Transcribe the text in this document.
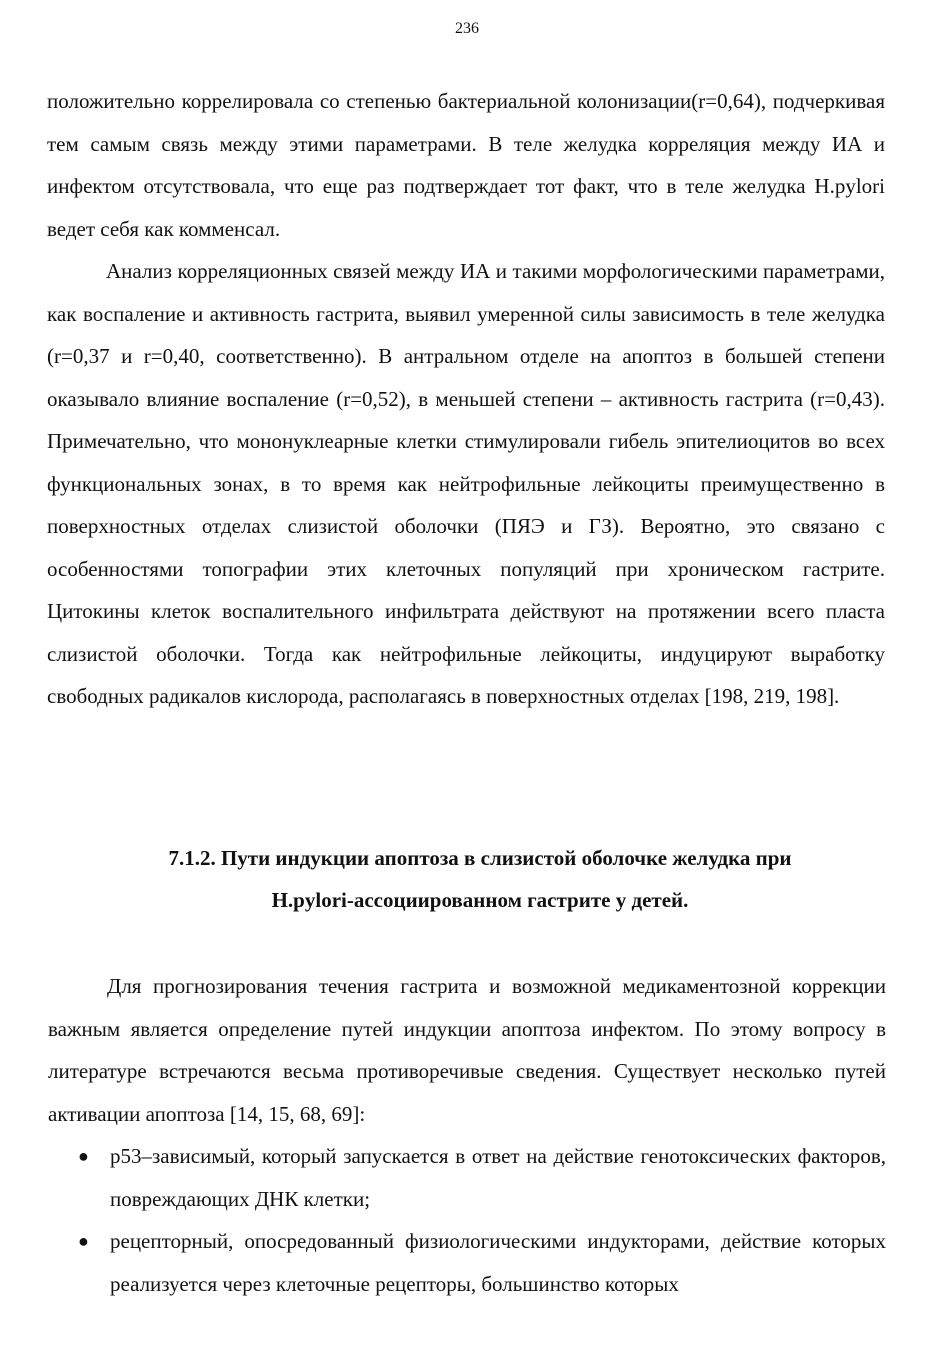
236

положительно коррелировала со степенью бактериальной колонизации(r=0,64), подчеркивая тем самым связь между этими параметрами. В теле желудка корреляция между ИА и инфектом отсутствовала, что еще раз подтверждает тот факт, что в теле желудка H.pylori ведет себя как комменсал.

Анализ корреляционных связей между ИА и такими морфологическими параметрами, как воспаление и активность гастрита, выявил умеренной силы зависимость в теле желудка (r=0,37 и r=0,40, соответственно). В антральном отделе на апоптоз в большей степени оказывало влияние воспаление (r=0,52), в меньшей степени – активность гастрита (r=0,43). Примечательно, что мононуклеарные клетки стимулировали гибель эпителиоцитов во всех функциональных зонах, в то время как нейтрофильные лейкоциты преимущественно в поверхностных отделах слизистой оболочки (ПЯЭ и ГЗ). Вероятно, это связано с особенностями топографии этих клеточных популяций при хроническом гастрите. Цитокины клеток воспалительного инфильтрата действуют на протяжении всего пласта слизистой оболочки. Тогда как нейтрофильные лейкоциты, индуцируют выработку свободных радикалов кислорода, располагаясь в поверхностных отделах [198, 219, 198].

7.1.2. Пути индукции апоптоза в слизистой оболочке желудка при
H.pylori-ассоциированном гастрите у детей.

Для прогнозирования течения гастрита и возможной медикаментозной коррекции важным является определение путей индукции апоптоза инфектом. По этому вопросу в литературе встречаются весьма противоречивые сведения. Существует несколько путей активации апоптоза [14, 15, 68, 69]:

● p53–зависимый, который запускается в ответ на действие генотоксических факторов, повреждающих ДНК клетки;
● рецепторный, опосредованный физиологическими индукторами, действие которых реализуется через клеточные рецепторы, большинство которых
